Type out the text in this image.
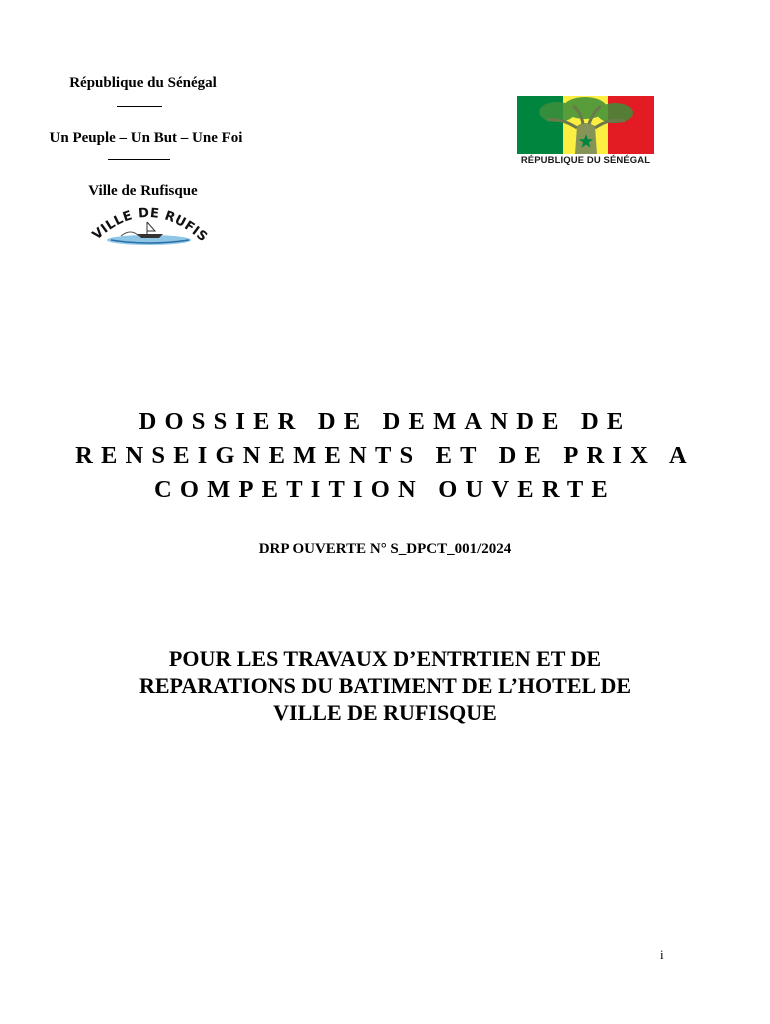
République du Sénégal
Un Peuple – Un But – Une Foi
Ville de Rufisque
VILLE DE RUFIS
RÉPUBLIQUE DU SÉNÉGAL
DOSSIER DE DEMANDE DE
RENSEIGNEMENTS ET DE PRIX A
COMPETITION OUVERTE
DRP OUVERTE N° S_DPCT_001/2024
POUR LES TRAVAUX D’ENTRTIEN ET DE
REPARATIONS DU BATIMENT DE L’HOTEL DE
VILLE DE RUFISQUE
i
